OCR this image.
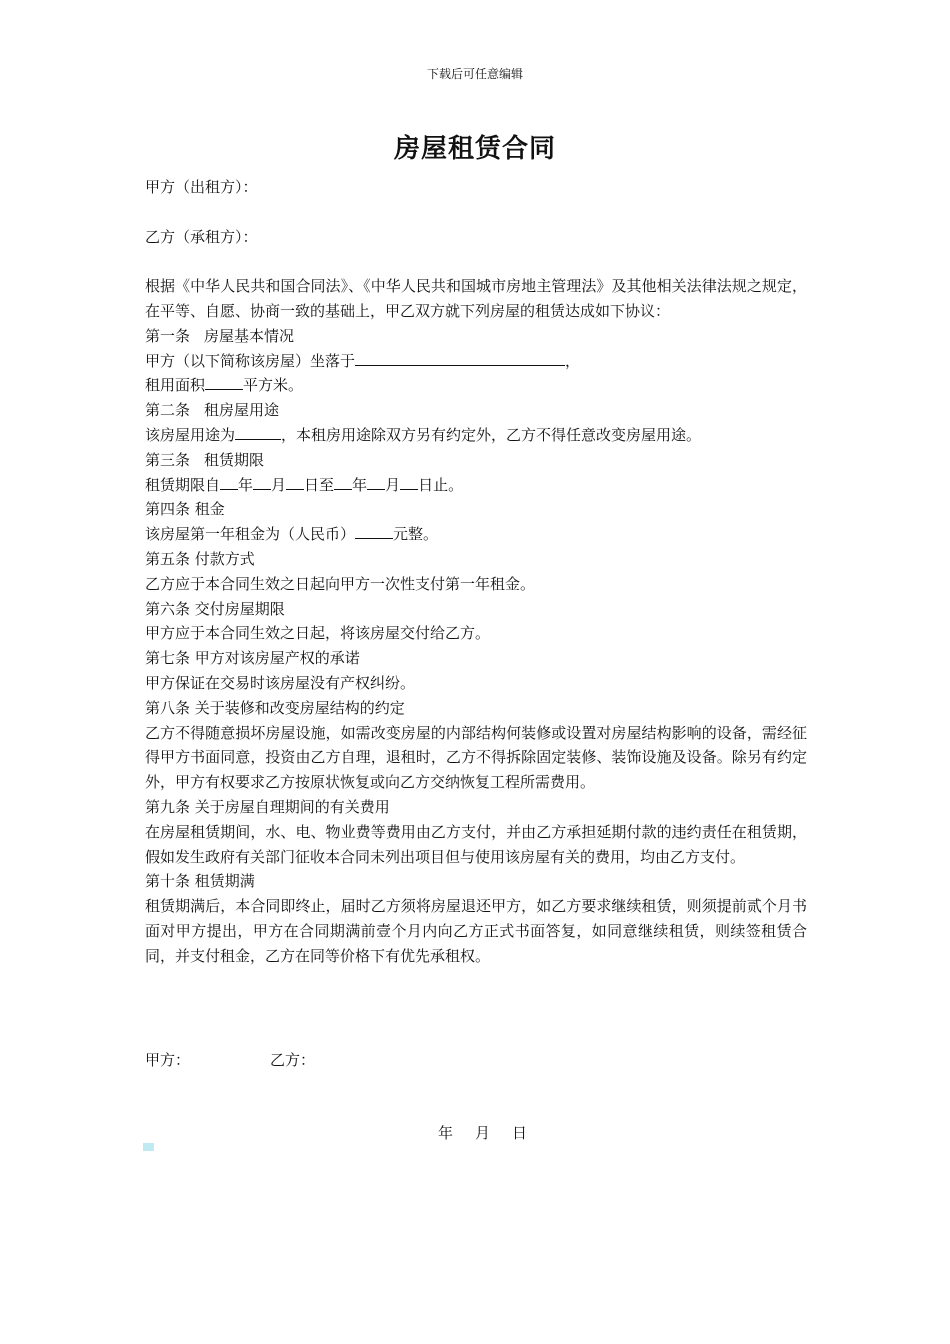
下载后可任意编辑
房屋租赁合同

甲方（出租方）：

乙方（承租方）：

根据《中华人民共和国合同法》、《中华人民共和国城市房地主管理法》及其他相关法律法规之规定，在平等、自愿、协商一致的基础上，甲乙双方就下列房屋的租赁达成如下协议：

第一条 房屋基本情况

甲方（以下简称该房屋）坐落于	，

租用面积	平方米。

第二条 租房屋用途

该房屋用途为	，本租房用途除双方另有约定外，乙方不得任意改变房屋用途。

第三条 租赁期限

租赁期限自 年 月 日至 年 月 日止。

第四条 租金

该房屋第一年租金为（人民币）	元整。

第五条 付款方式

乙方应于本合同生效之日起向甲方一次性支付第一年租金。

第六条 交付房屋期限

甲方应于本合同生效之日起，将该房屋交付给乙方。

第七条 甲方对该房屋产权的承诺

甲方保证在交易时该房屋没有产权纠纷。

第八条 关于装修和改变房屋结构的约定

乙方不得随意损坏房屋设施，如需改变房屋的内部结构何装修或设置对房屋结构影响的设备，需经征得甲方书面同意，投资由乙方自理，退租时，乙方不得拆除固定装修、装饰设施及设备。除另有约定外，甲方有权要求乙方按原状恢复或向乙方交纳恢复工程所需费用。

第九条 关于房屋自理期间的有关费用

在房屋租赁期间，水、电、物业费等费用由乙方支付，并由乙方承担延期付款的违约责任在租赁期，假如发生政府有关部门征收本合同未列出项目但与使用该房屋有关的费用，均由乙方支付。

第十条 租赁期满

租赁期满后，本合同即终止，届时乙方须将房屋退还甲方，如乙方要求继续租赁，则须提前贰个月书面对甲方提出，甲方在合同期满前壹个月内向乙方正式书面答复，如同意继续租赁，则续签租赁合同，并支付租金，乙方在同等价格下有优先承租权。

甲方：	乙方：
年 月 日
